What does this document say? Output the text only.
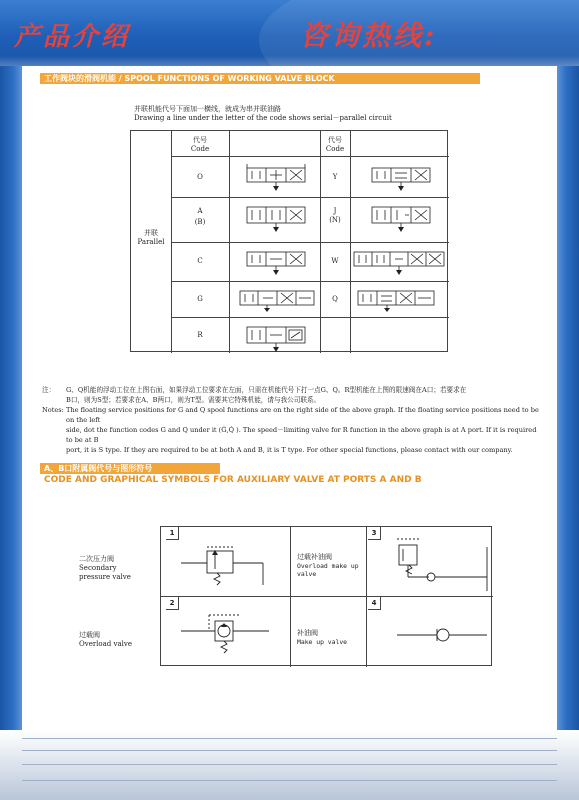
产品介绍	咨询热线:
工作阀块的滑阀机能 / SPOOL FUNCTIONS OF WORKING VALVE BLOCK
并联机能代号下面加一横线，就成为串并联油路
Drawing a line under the letter of the code shows serial－parallel circuit
代号
Code
代号
Code
并联
Parallel
O
A
(B)
C
G
R
Y
J
(N)
W
Q
注：	G、Q机能的浮动工位在上图右面，如果浮动工位要求在左面，只需在机能代号下打一点G、Q。R型机能在上图的限速阀在A口；若要求在
B口，则为S型；若要求在A、B两口，则为T型。需要其它特殊机能，请与我公司联系。
Notes: The floating service positions for G and Q spool functions are on the right side of the above graph. If the floating service positions need to be on the left
side, dot the function codes G and Q under it (Ġ,Q̇ ). The speed－limiting valve for R function in the above graph is at A port. If it is required to be at B
port, it is S type. If they are required to be at both A and B, it is T type. For other special functions, please contact with our company.
A、B口附属阀代号与图形符号
CODE AND GRAPHICAL SYMBOLS FOR AUXILIARY VALVE AT PORTS A AND B
1
2
3
4
二次压力阀
Secondary
pressure valve
过载阀
Overload valve
过载补油阀
Overload make up
valve
补油阀
Make up valve
